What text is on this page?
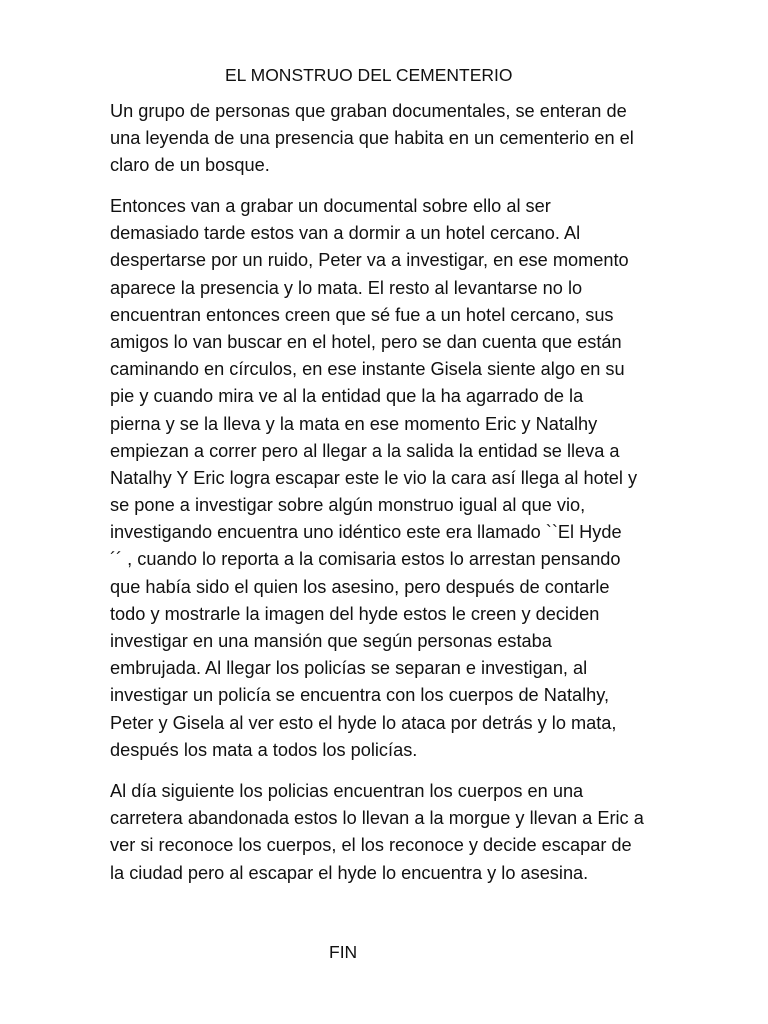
EL MONSTRUO DEL CEMENTERIO
Un grupo de personas que graban documentales, se enteran de
una leyenda de una presencia que habita en un cementerio en el
claro de un bosque.
Entonces van a grabar un documental sobre ello al ser
demasiado tarde estos van a dormir a un hotel cercano. Al
despertarse por un ruido, Peter va a investigar, en ese momento
aparece la presencia y lo mata. El resto al levantarse no lo
encuentran entonces creen que sé fue a un hotel cercano, sus
amigos lo van buscar en el hotel, pero se dan cuenta que están
caminando en círculos, en ese instante Gisela siente algo en su
pie y cuando mira ve al la entidad que la ha agarrado de la
pierna y se la lleva y la mata en ese momento Eric y Natalhy
empiezan a correr pero al llegar a la salida la entidad se lleva a
Natalhy Y Eric logra escapar este le vio la cara así llega al hotel y
se pone a investigar sobre algún monstruo igual al que vio,
investigando encuentra uno idéntico este era llamado ``El Hyde
´´ , cuando lo reporta a la comisaria estos lo arrestan pensando
que había sido el quien los asesino, pero después de contarle
todo y mostrarle la imagen del hyde estos le creen y deciden
investigar en una mansión que según personas estaba
embrujada. Al llegar los policías se separan e investigan, al
investigar un policía se encuentra con los cuerpos de Natalhy,
Peter y Gisela al ver esto el hyde lo ataca por detrás y lo mata,
después los mata a todos los policías.
Al día siguiente los policias encuentran los cuerpos en una
carretera abandonada estos lo llevan a la morgue y llevan a Eric a
ver si reconoce los cuerpos, el los reconoce y decide escapar de
la ciudad pero al escapar el hyde lo encuentra y lo asesina.
FIN
